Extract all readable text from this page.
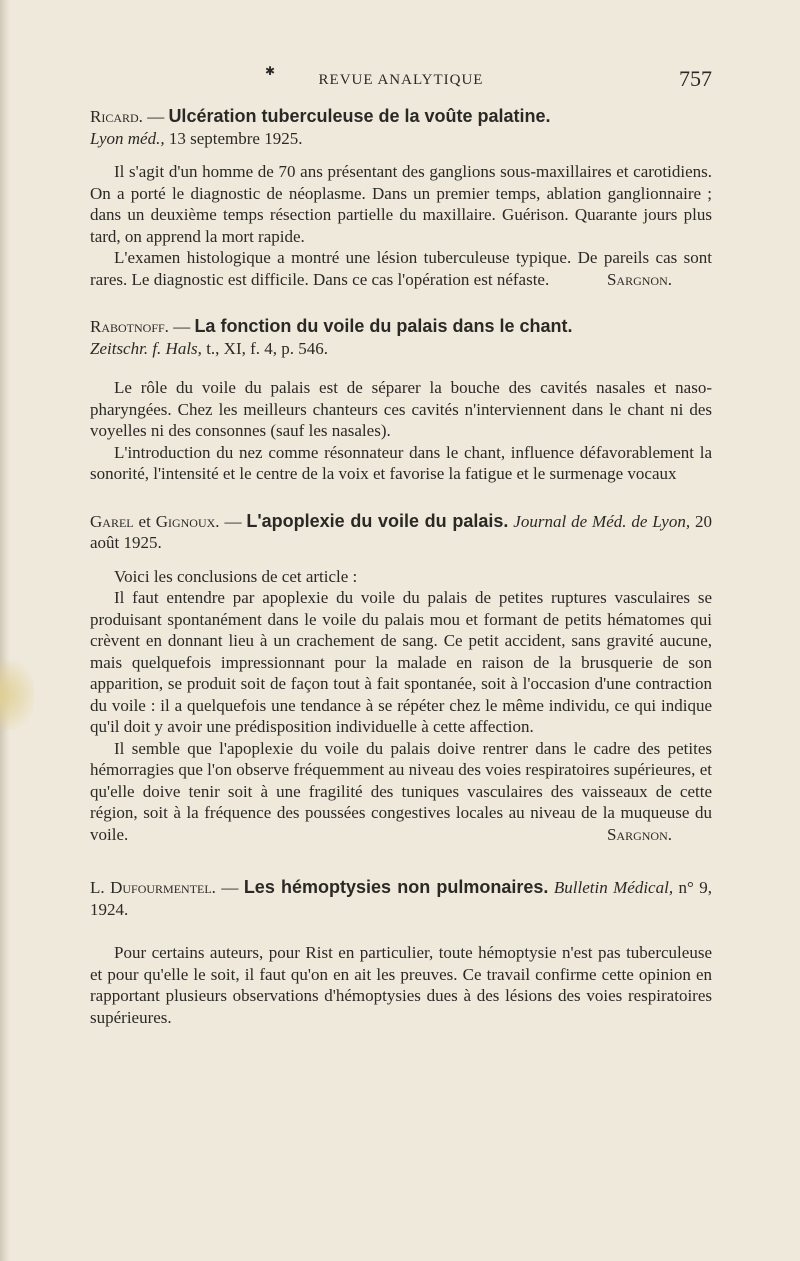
✱
REVUE ANALYTIQUE	757

Ricard. — Ulcération tuberculeuse de la voûte palatine.
Lyon méd., 13 septembre 1925.

Il s'agit d'un homme de 70 ans présentant des ganglions sous-maxillaires et carotidiens. On a porté le diagnostic de néoplasme. Dans un premier temps, ablation ganglionnaire ; dans un deuxième temps résection partielle du maxillaire. Guérison. Quarante jours plus tard, on apprend la mort rapide.

L'examen histologique a montré une lésion tuberculeuse typique. De pareils cas sont rares. Le diagnostic est difficile. Dans ce cas l'opération est néfaste.	Sargnon.

Rabotnoff. — La fonction du voile du palais dans le chant.
Zeitschr. f. Hals, t., XI, f. 4, p. 546.

Le rôle du voile du palais est de séparer la bouche des cavités nasales et naso-pharyngées. Chez les meilleurs chanteurs ces cavités n'interviennent dans le chant ni des voyelles ni des consonnes (sauf les nasales).

L'introduction du nez comme résonnateur dans le chant, influence défavorablement la sonorité, l'intensité et le centre de la voix et favorise la fatigue et le surmenage vocaux

Garel et Gignoux. — L'apoplexie du voile du palais. Journal de Méd. de Lyon, 20 août 1925.

Voici les conclusions de cet article :

Il faut entendre par apoplexie du voile du palais de petites ruptures vasculaires se produisant spontanément dans le voile du palais mou et formant de petits hématomes qui crèvent en donnant lieu à un crachement de sang. Ce petit accident, sans gravité aucune, mais quelquefois impressionnant pour la malade en raison de la brusquerie de son apparition, se produit soit de façon tout à fait spontanée, soit à l'occasion d'une contraction du voile : il a quelquefois une tendance à se répéter chez le même individu, ce qui indique qu'il doit y avoir une prédisposition individuelle à cette affection.

Il semble que l'apoplexie du voile du palais doive rentrer dans le cadre des petites hémorragies que l'on observe fréquemment au niveau des voies respiratoires supérieures, et qu'elle doive tenir soit à une fragilité des tuniques vasculaires des vaisseaux de cette région, soit à la fréquence des poussées congestives locales au niveau de la muqueuse du voile.	Sargnon.

L. Dufourmentel. — Les hémoptysies non pulmonaires. Bulletin Médical, n° 9, 1924.

Pour certains auteurs, pour Rist en particulier, toute hémoptysie n'est pas tuberculeuse et pour qu'elle le soit, il faut qu'on en ait les preuves. Ce travail confirme cette opinion en rapportant plusieurs observations d'hémoptysies dues à des lésions des voies respiratoires supérieures.
